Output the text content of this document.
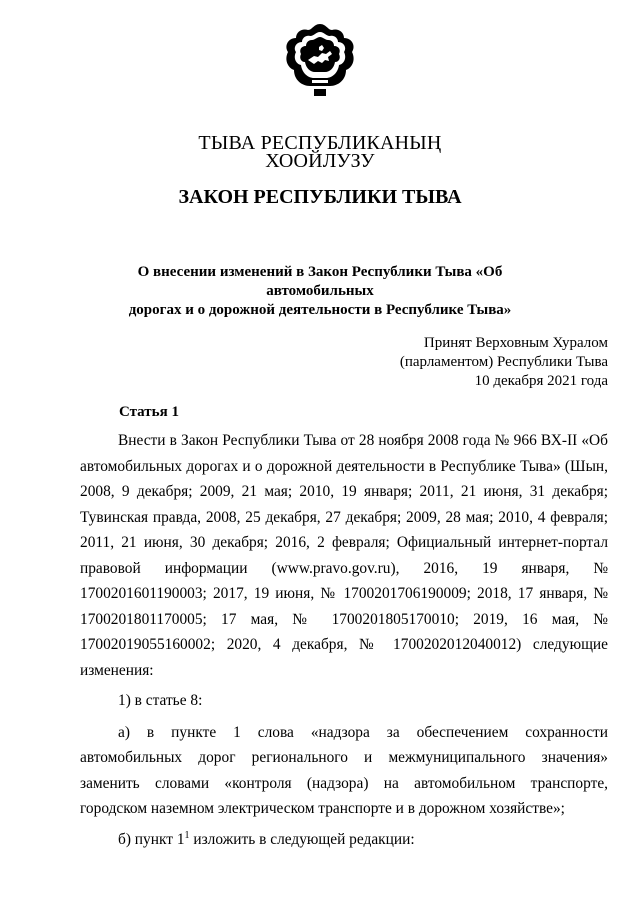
ТЫВА РЕСПУБЛИКАНЫҢ
ХООЙЛУЗУ
ЗАКОН РЕСПУБЛИКИ ТЫВА
О внесении изменений в Закон Республики Тыва «Об автомобильных
дорогах и о дорожной деятельности в Республике Тыва»
Принят Верховным Хуралом
(парламентом) Республики Тыва
10 декабря 2021 года
Статья 1

Внести в Закон Республики Тыва от 28 ноября 2008 года № 966 ВХ-II «Об автомобильных дорогах и о дорожной деятельности в Республике Тыва» (Шын, 2008, 9 декабря; 2009, 21 мая; 2010, 19 января; 2011, 21 июня, 31 декабря; Тувинская правда, 2008, 25 декабря, 27 декабря; 2009, 28 мая; 2010, 4 февраля; 2011, 21 июня, 30 декабря; 2016, 2 февраля; Официальный интернет-портал правовой информации (www.pravo.gov.ru), 2016, 19 января, № 1700201601190003; 2017, 19 июня, № 1700201706190009; 2018, 17 января, № 1700201801170005; 17 мая, № 1700201805170010; 2019, 16 мая, № 17002019055160002; 2020, 4 декабря, № 1700202012040012) следующие изменения:

1) в статье 8:

а) в пункте 1 слова «надзора за обеспечением сохранности автомобильных дорог регионального и межмуниципального значения» заменить словами «контроля (надзора) на автомобильном транспорте, городском наземном электрическом транспорте и в дорожном хозяйстве»;

б) пункт $1^1$ изложить в следующей редакции:
